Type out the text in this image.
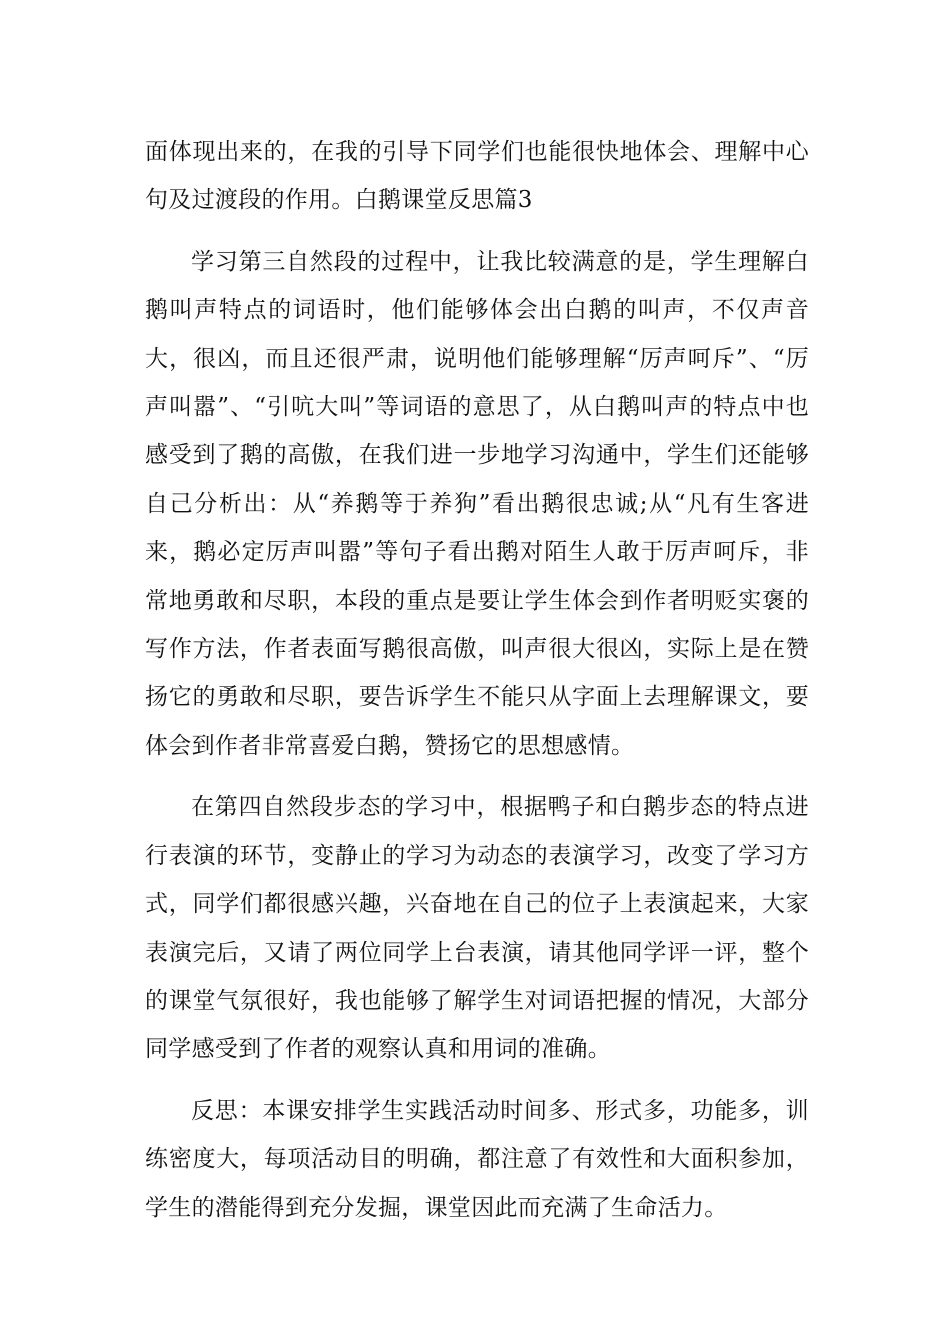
面体现出来的，在我的引导下同学们也能很快地体会、理解中心句及过渡段的作用。白鹅课堂反思篇3

学习第三自然段的过程中，让我比较满意的是，学生理解白鹅叫声特点的词语时，他们能够体会出白鹅的叫声，不仅声音大，很凶，而且还很严肃，说明他们能够理解“厉声呵斥”、“厉声叫嚣”、“引吭大叫”等词语的意思了，从白鹅叫声的特点中也感受到了鹅的高傲，在我们进一步地学习沟通中，学生们还能够自己分析出：从“养鹅等于养狗”看出鹅很忠诚;从“凡有生客进来，鹅必定厉声叫嚣”等句子看出鹅对陌生人敢于厉声呵斥，非常地勇敢和尽职，本段的重点是要让学生体会到作者明贬实褒的写作方法，作者表面写鹅很高傲，叫声很大很凶，实际上是在赞扬它的勇敢和尽职，要告诉学生不能只从字面上去理解课文，要体会到作者非常喜爱白鹅，赞扬它的思想感情。

在第四自然段步态的学习中，根据鸭子和白鹅步态的特点进行表演的环节，变静止的学习为动态的表演学习，改变了学习方式，同学们都很感兴趣，兴奋地在自己的位子上表演起来，大家表演完后，又请了两位同学上台表演，请其他同学评一评，整个的课堂气氛很好，我也能够了解学生对词语把握的情况，大部分同学感受到了作者的观察认真和用词的准确。

反思：本课安排学生实践活动时间多、形式多，功能多，训练密度大，每项活动目的明确，都注意了有效性和大面积参加，学生的潜能得到充分发掘，课堂因此而充满了生命活力。
